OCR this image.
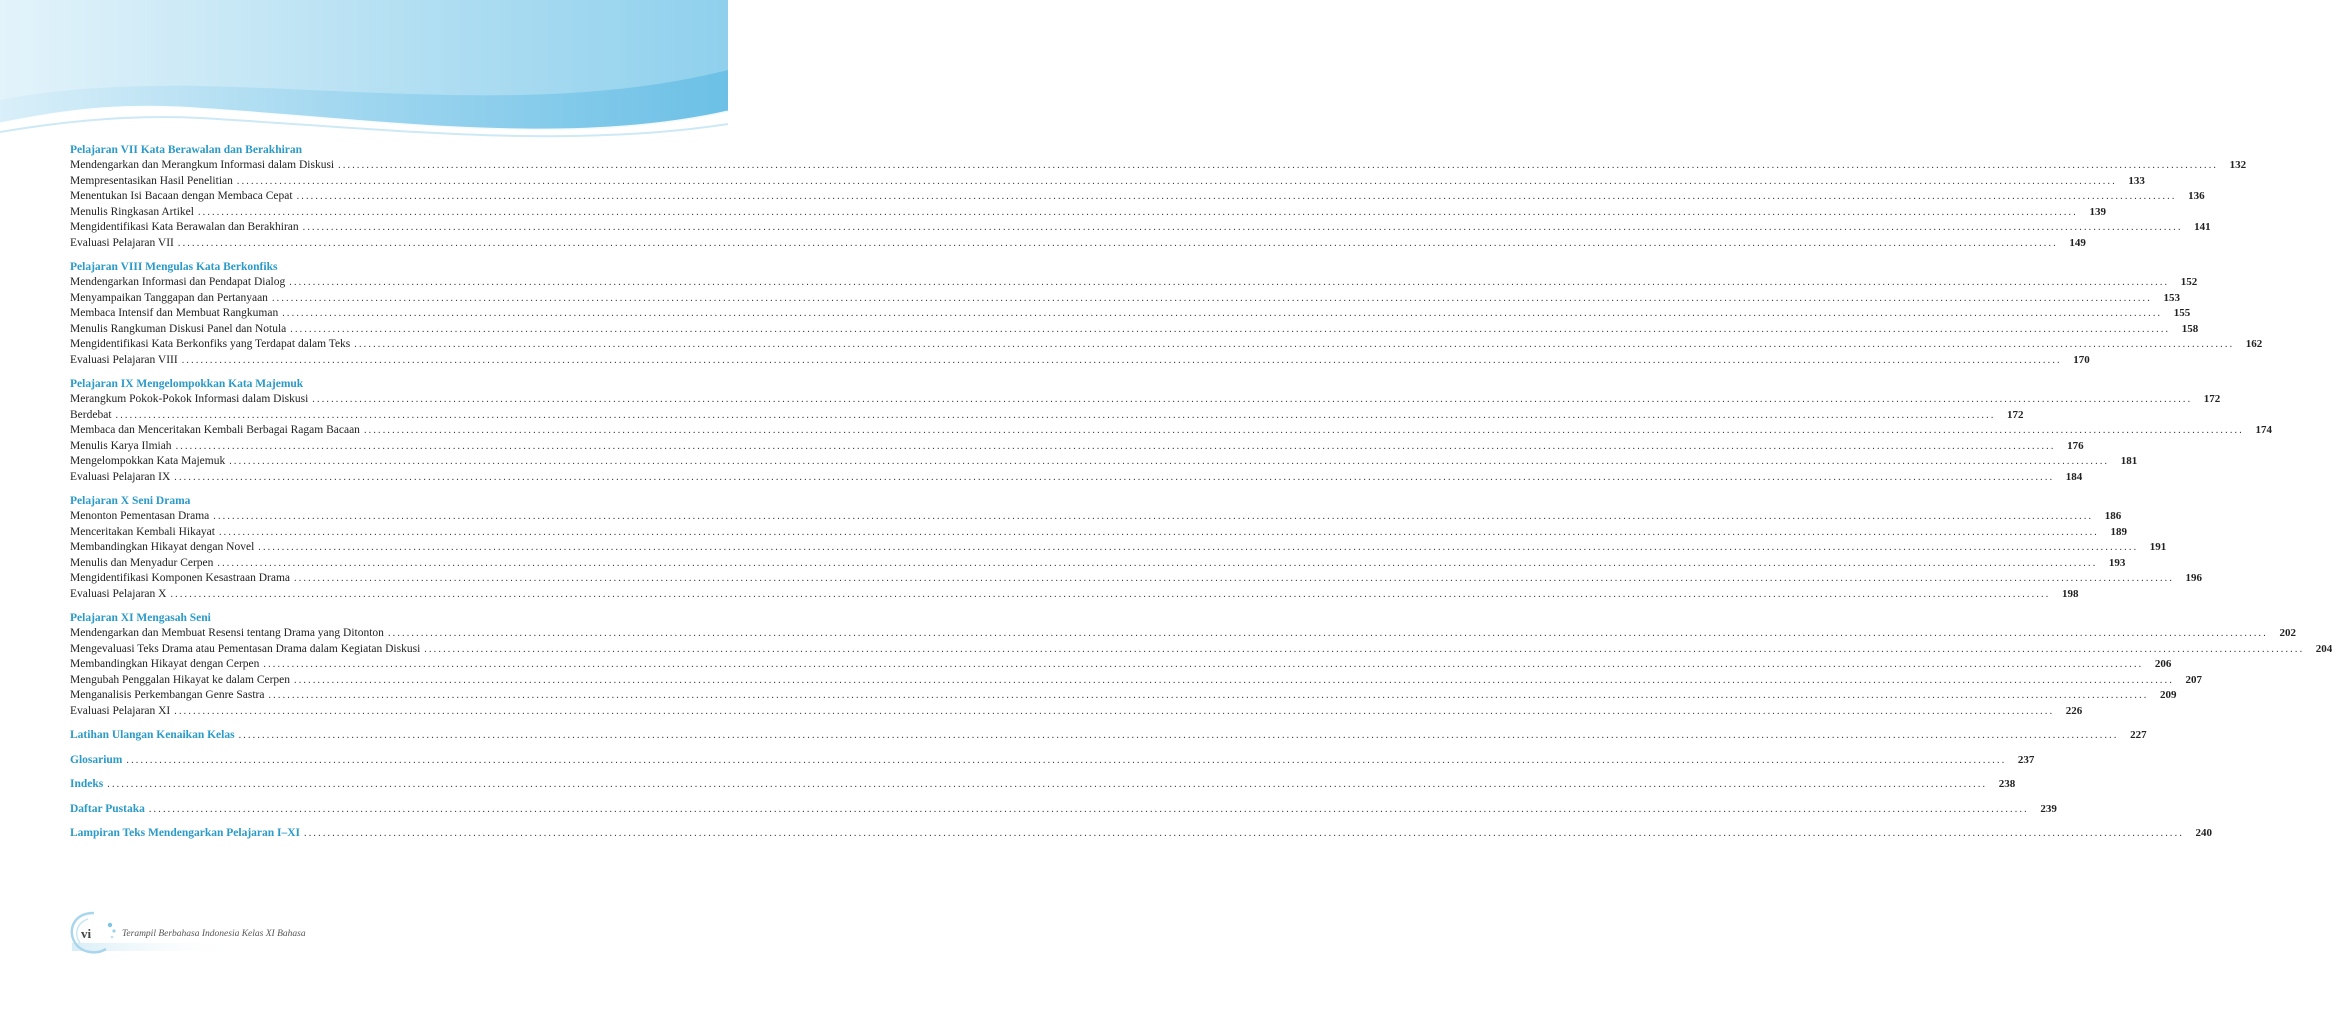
Pelajaran VII Kata Berawalan dan Berakhiran
Mendengarkan dan Merangkum Informasi dalam Diskusi ................................................................................................................................................................................................................................................................................................................................................................................................................	132
Mempresentasikan Hasil Penelitian ................................................................................................................................................................................................................................................................................................................................................................................................................	133
Menentukan Isi Bacaan dengan Membaca Cepat ................................................................................................................................................................................................................................................................................................................................................................................................................	136
Menulis Ringkasan Artikel ................................................................................................................................................................................................................................................................................................................................................................................................................	139
Mengidentifikasi Kata Berawalan dan Berakhiran ................................................................................................................................................................................................................................................................................................................................................................................................................	141
Evaluasi Pelajaran VII ................................................................................................................................................................................................................................................................................................................................................................................................................	149
Pelajaran VIII Mengulas Kata Berkonfiks
Mendengarkan Informasi dan Pendapat Dialog ................................................................................................................................................................................................................................................................................................................................................................................................................	152
Menyampaikan Tanggapan dan Pertanyaan ................................................................................................................................................................................................................................................................................................................................................................................................................	153
Membaca Intensif dan Membuat Rangkuman ................................................................................................................................................................................................................................................................................................................................................................................................................	155
Menulis Rangkuman Diskusi Panel dan Notula ................................................................................................................................................................................................................................................................................................................................................................................................................	158
Mengidentifikasi Kata Berkonfiks yang Terdapat dalam Teks ................................................................................................................................................................................................................................................................................................................................................................................................................	162
Evaluasi Pelajaran VIII ................................................................................................................................................................................................................................................................................................................................................................................................................	170
Pelajaran IX Mengelompokkan Kata Majemuk
Merangkum Pokok-Pokok Informasi dalam Diskusi ................................................................................................................................................................................................................................................................................................................................................................................................................	172
Berdebat ................................................................................................................................................................................................................................................................................................................................................................................................................	172
Membaca dan Menceritakan Kembali Berbagai Ragam Bacaan ................................................................................................................................................................................................................................................................................................................................................................................................................	174
Menulis Karya Ilmiah ................................................................................................................................................................................................................................................................................................................................................................................................................	176
Mengelompokkan Kata Majemuk ................................................................................................................................................................................................................................................................................................................................................................................................................	181
Evaluasi Pelajaran IX ................................................................................................................................................................................................................................................................................................................................................................................................................	184
Pelajaran X Seni Drama
Menonton Pementasan Drama ................................................................................................................................................................................................................................................................................................................................................................................................................	186
Menceritakan Kembali Hikayat ................................................................................................................................................................................................................................................................................................................................................................................................................	189
Membandingkan Hikayat dengan Novel ................................................................................................................................................................................................................................................................................................................................................................................................................	191
Menulis dan Menyadur Cerpen ................................................................................................................................................................................................................................................................................................................................................................................................................	193
Mengidentifikasi Komponen Kesastraan Drama ................................................................................................................................................................................................................................................................................................................................................................................................................	196
Evaluasi Pelajaran X ................................................................................................................................................................................................................................................................................................................................................................................................................	198
Pelajaran XI Mengasah Seni
Mendengarkan dan Membuat Resensi tentang Drama yang Ditonton ................................................................................................................................................................................................................................................................................................................................................................................................................	202
Mengevaluasi Teks Drama atau Pementasan Drama dalam Kegiatan Diskusi ................................................................................................................................................................................................................................................................................................................................................................................................................	204
Membandingkan Hikayat dengan Cerpen ................................................................................................................................................................................................................................................................................................................................................................................................................	206
Mengubah Penggalan Hikayat ke dalam Cerpen ................................................................................................................................................................................................................................................................................................................................................................................................................	207
Menganalisis Perkembangan Genre Sastra ................................................................................................................................................................................................................................................................................................................................................................................................................	209
Evaluasi Pelajaran XI ................................................................................................................................................................................................................................................................................................................................................................................................................	226
Latihan Ulangan Kenaikan Kelas ................................................................................................................................................................................................................................................................................................................................................................................................................	227
Glosarium ................................................................................................................................................................................................................................................................................................................................................................................................................	237
Indeks ................................................................................................................................................................................................................................................................................................................................................................................................................	238
Daftar Pustaka ................................................................................................................................................................................................................................................................................................................................................................................................................	239
Lampiran Teks Mendengarkan Pelajaran I–XI ................................................................................................................................................................................................................................................................................................................................................................................................................	240
vi	Terampil Berbahasa Indonesia Kelas XI Bahasa
